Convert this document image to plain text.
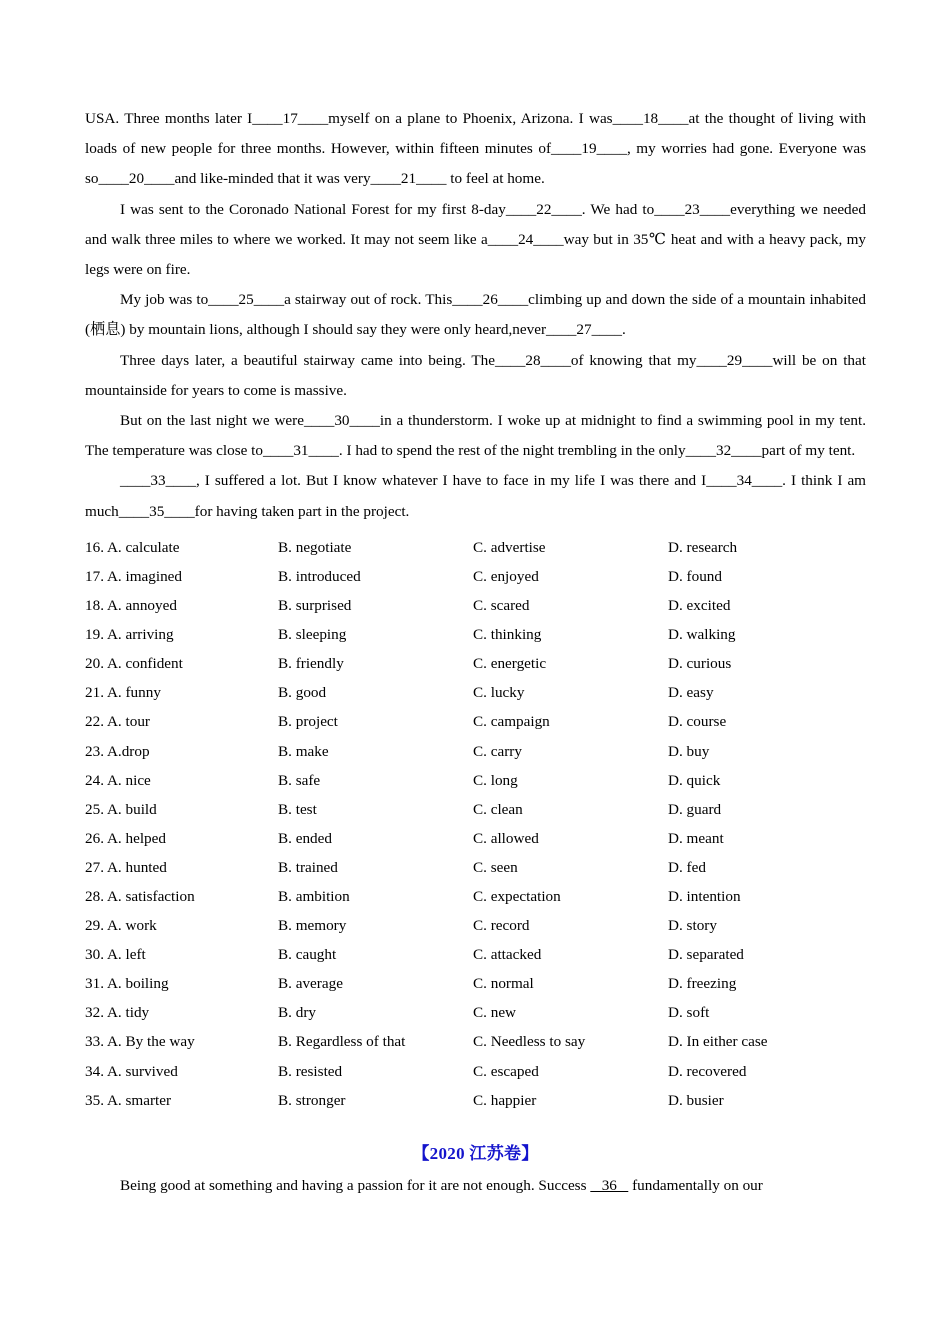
USA. Three months later I____17____myself on a plane to Phoenix, Arizona. I was____18____at the thought of living with loads of new people for three months. However, within fifteen minutes of____19____, my worries had gone. Everyone was so____20____and like-minded that it was very____21____ to feel at home.

I was sent to the Coronado National Forest for my first 8-day____22____. We had to____23____everything we needed and walk three miles to where we worked. It may not seem like a____24____way but in 35℃ heat and with a heavy pack, my legs were on fire.

My job was to____25____a stairway out of rock. This____26____climbing up and down the side of a mountain inhabited (栖息) by mountain lions, although I should say they were only heard,never____27____.

Three days later, a beautiful stairway came into being. The____28____of knowing that my____29____will be on that mountainside for years to come is massive.

But on the last night we were____30____in a thunderstorm. I woke up at midnight to find a swimming pool in my tent. The temperature was close to____31____. I had to spend the rest of the night trembling in the only____32____part of my tent.

____33____, I suffered a lot. But I know whatever I have to face in my life I was there and I____34____. I think I am much____35____for having taken part in the project.

16. A. calculate	B. negotiate	C. advertise	D. research
17. A. imagined	B. introduced	C. enjoyed	D. found
18. A. annoyed	B. surprised	C. scared	D. excited
19. A. arriving	B. sleeping	C. thinking	D. walking
20. A. confident	B. friendly	C. energetic	D. curious
21. A. funny	B. good	C. lucky	D. easy
22. A. tour	B. project	C. campaign	D. course
23. A.drop	B. make	C. carry	D. buy
24. A. nice	B. safe	C. long	D. quick
25. A. build	B. test	C. clean	D. guard
26. A. helped	B. ended	C. allowed	D. meant
27. A. hunted	B. trained	C. seen	D. fed
28. A. satisfaction	B. ambition	C. expectation	D. intention
29. A. work	B. memory	C. record	D. story
30. A. left	B. caught	C. attacked	D. separated
31. A. boiling	B. average	C. normal	D. freezing
32. A. tidy	B. dry	C. new	D. soft
33. A. By the way	B. Regardless of that	C. Needless to say	D. In either case
34. A. survived	B. resisted	C. escaped	D. recovered
35. A. smarter	B. stronger	C. happier	D. busier

【2020 江苏卷】

Being good at something and having a passion for it are not enough. Success    36    fundamentally on our
